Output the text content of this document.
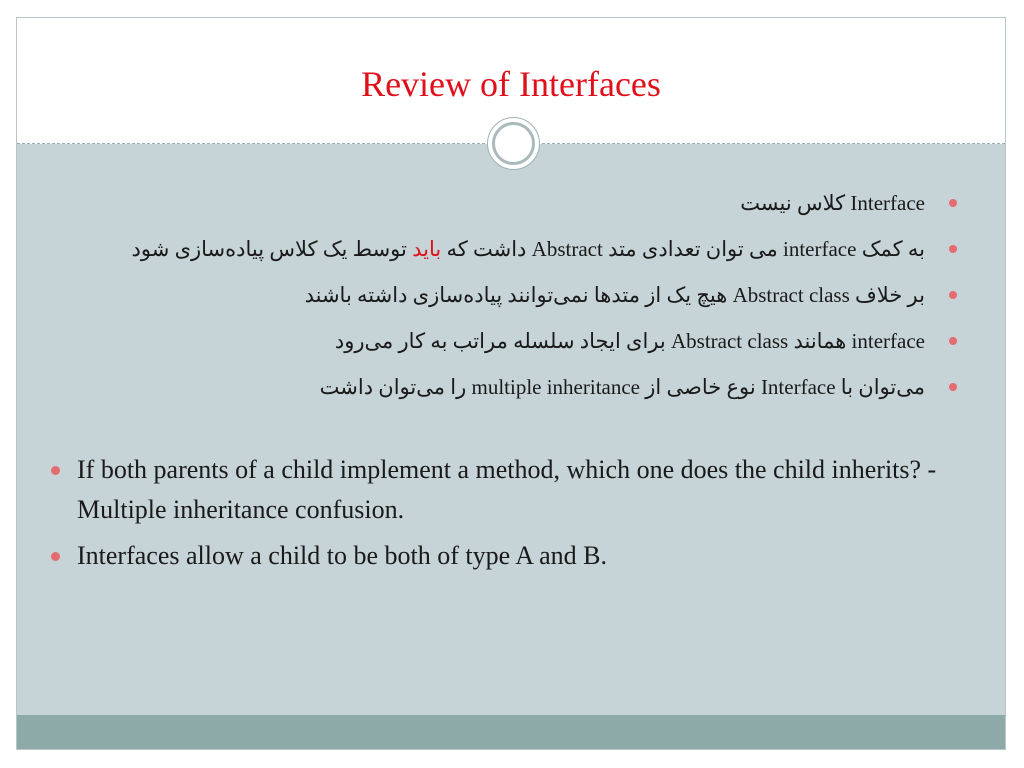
Review of Interfaces
Interface کلاس نیست
به کمک interface می توان تعدادی متد Abstract داشت که باید توسط یک کلاس پیاده‌سازی شود
بر خلاف Abstract class هیچ یک از متدها نمی‌توانند پیاده‌سازی داشته باشند
interface همانند Abstract class برای ایجاد سلسله مراتب به کار می‌رود
می‌توان با Interface نوع خاصی از multiple inheritance را می‌توان داشت
If both parents of a child implement a method, which one does the child inherits? - Multiple inheritance confusion.
Interfaces allow a child to be both of type A and B.
